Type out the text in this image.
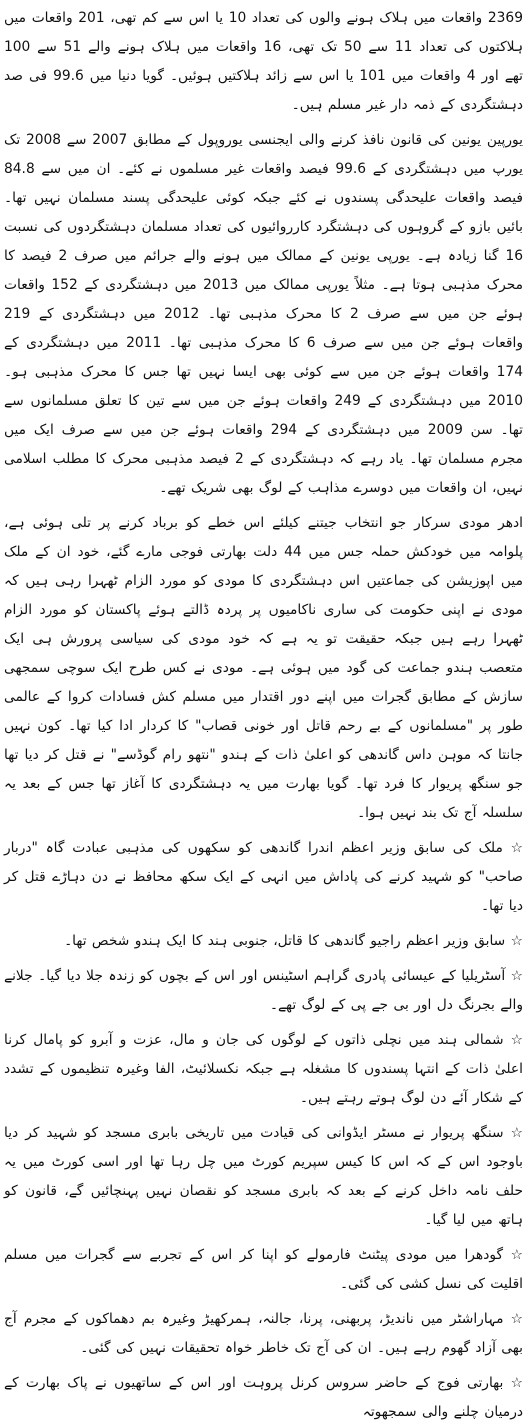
2369 واقعات میں ہلاک ہونے والوں کی تعداد 10 یا اس سے کم تھی، 201 واقعات میں ہلاکتوں کی تعداد 11 سے 50 تک تھی، 16 واقعات میں ہلاک ہونے والے 51 سے 100 تھے اور 4 واقعات میں 101 یا اس سے زائد ہلاکتیں ہوئیں۔ گویا دنیا میں 99.6 فی صد دہشتگردی کے ذمہ دار غیر مسلم ہیں۔

یورپین یونین کی قانون نافذ کرنے والی ایجنسی یوروپول کے مطابق 2007 سے 2008 تک یورپ میں دہشتگردی کے 99.6 فیصد واقعات غیر مسلموں نے کئے۔ ان میں سے 84.8 فیصد واقعات علیحدگی پسندوں نے کئے جبکہ کوئی علیحدگی پسند مسلمان نہیں تھا۔ بائیں بازو کے گروہوں کی دہشتگرد کارروائیوں کی تعداد مسلمان دہشتگردوں کی نسبت 16 گنا زیادہ ہے۔ یورپی یونین کے ممالک میں ہونے والے جرائم میں صرف 2 فیصد کا محرک مذہبی ہوتا ہے۔ مثلاً یورپی ممالک میں 2013 میں دہشتگردی کے 152 واقعات ہوئے جن میں سے صرف 2 کا محرک مذہبی تھا۔ 2012 میں دہشتگردی کے 219 واقعات ہوئے جن میں سے صرف 6 کا محرک مذہبی تھا۔ 2011 میں دہشتگردی کے 174 واقعات ہوئے جن میں سے کوئی بھی ایسا نہیں تھا جس کا محرک مذہبی ہو۔ 2010 میں دہشتگردی کے 249 واقعات ہوئے جن میں سے تین کا تعلق مسلمانوں سے تھا۔ سن 2009 میں دہشتگردی کے 294 واقعات ہوئے جن میں سے صرف ایک میں مجرم مسلمان تھا۔ یاد رہے کہ دہشتگردی کے 2 فیصد مذہبی محرک کا مطلب اسلامی نہیں، ان واقعات میں دوسرے مذاہب کے لوگ بھی شریک تھے۔

ادھر مودی سرکار جو انتخاب جیتنے کیلئے اس خطے کو برباد کرنے پر تلی ہوئی ہے، پلوامہ میں خودکش حملہ جس میں 44 دلت بھارتی فوجی مارے گئے، خود ان کے ملک میں اپوزیشن کی جماعتیں اس دہشتگردی کا مودی کو مورد الزام ٹھہرا رہی ہیں کہ مودی نے اپنی حکومت کی ساری ناکامیوں پر پردہ ڈالتے ہوئے پاکستان کو مورد الزام ٹھہرا رہے ہیں جبکہ حقیقت تو یہ ہے کہ خود مودی کی سیاسی پرورش ہی ایک متعصب ہندو جماعت کی گود میں ہوئی ہے۔ مودی نے کس طرح ایک سوچی سمجھی سازش کے مطابق گجرات میں اپنے دور اقتدار میں مسلم کش فسادات کروا کے عالمی طور پر "مسلمانوں کے بے رحم قاتل اور خونی قصاب" کا کردار ادا کیا تھا۔ کون نہیں جانتا کہ موہن داس گاندھی کو اعلیٰ ذات کے ہندو "نتھو رام گوڈسے" نے قتل کر دیا تھا جو سنگھ پریوار کا فرد تھا۔ گویا بھارت میں یہ دہشتگردی کا آغاز تھا جس کے بعد یہ سلسلہ آج تک بند نہیں ہوا۔

☆ ملک کی سابق وزیر اعظم اندرا گاندھی کو سکھوں کی مذہبی عبادت گاہ "دربار صاحب" کو شہید کرنے کی پاداش میں انہی کے ایک سکھ محافظ نے دن دہاڑے قتل کر دیا تھا۔

☆ سابق وزیر اعظم راجیو گاندھی کا قاتل، جنوبی ہند کا ایک ہندو شخص تھا۔

☆ آسٹریلیا کے عیسائی پادری گراہم اسٹینس اور اس کے بچوں کو زندہ جلا دیا گیا۔ جلانے والے بجرنگ دل اور بی جے پی کے لوگ تھے۔

☆ شمالی ہند میں نچلی ذاتوں کے لوگوں کی جان و مال، عزت و آبرو کو پامال کرنا اعلیٰ ذات کے انتہا پسندوں کا مشغلہ ہے جبکہ نکسلائیٹ، الفا وغیرہ تنظیموں کے تشدد کے شکار آئے دن لوگ ہوتے رہتے ہیں۔

☆ سنگھ پریوار نے مسٹر ایڈوانی کی قیادت میں تاریخی بابری مسجد کو شہید کر دیا باوجود اس کے کہ اس کا کیس سپریم کورٹ میں چل رہا تھا اور اسی کورٹ میں یہ حلف نامہ داخل کرنے کے بعد کہ بابری مسجد کو نقصان نہیں پہنچائیں گے، قانون کو ہاتھ میں لیا گیا۔

☆ گودھرا میں مودی پیٹنٹ فارمولے کو اپنا کر اس کے تجربے سے گجرات میں مسلم اقلیت کی نسل کشی کی گئی۔

☆ مہاراشٹر میں ناندیڑ، پربھنی، پرنا، جالنہ، ہمرکھیڑ وغیرہ بم دھماکوں کے مجرم آج بھی آزاد گھوم رہے ہیں۔ ان کی آج تک خاطر خواہ تحقیقات نہیں کی گئی۔

☆ بھارتی فوج کے حاضر سروس کرنل پروہت اور اس کے ساتھیوں نے پاک بھارت کے درمیان چلنے والی سمجھوتہ
